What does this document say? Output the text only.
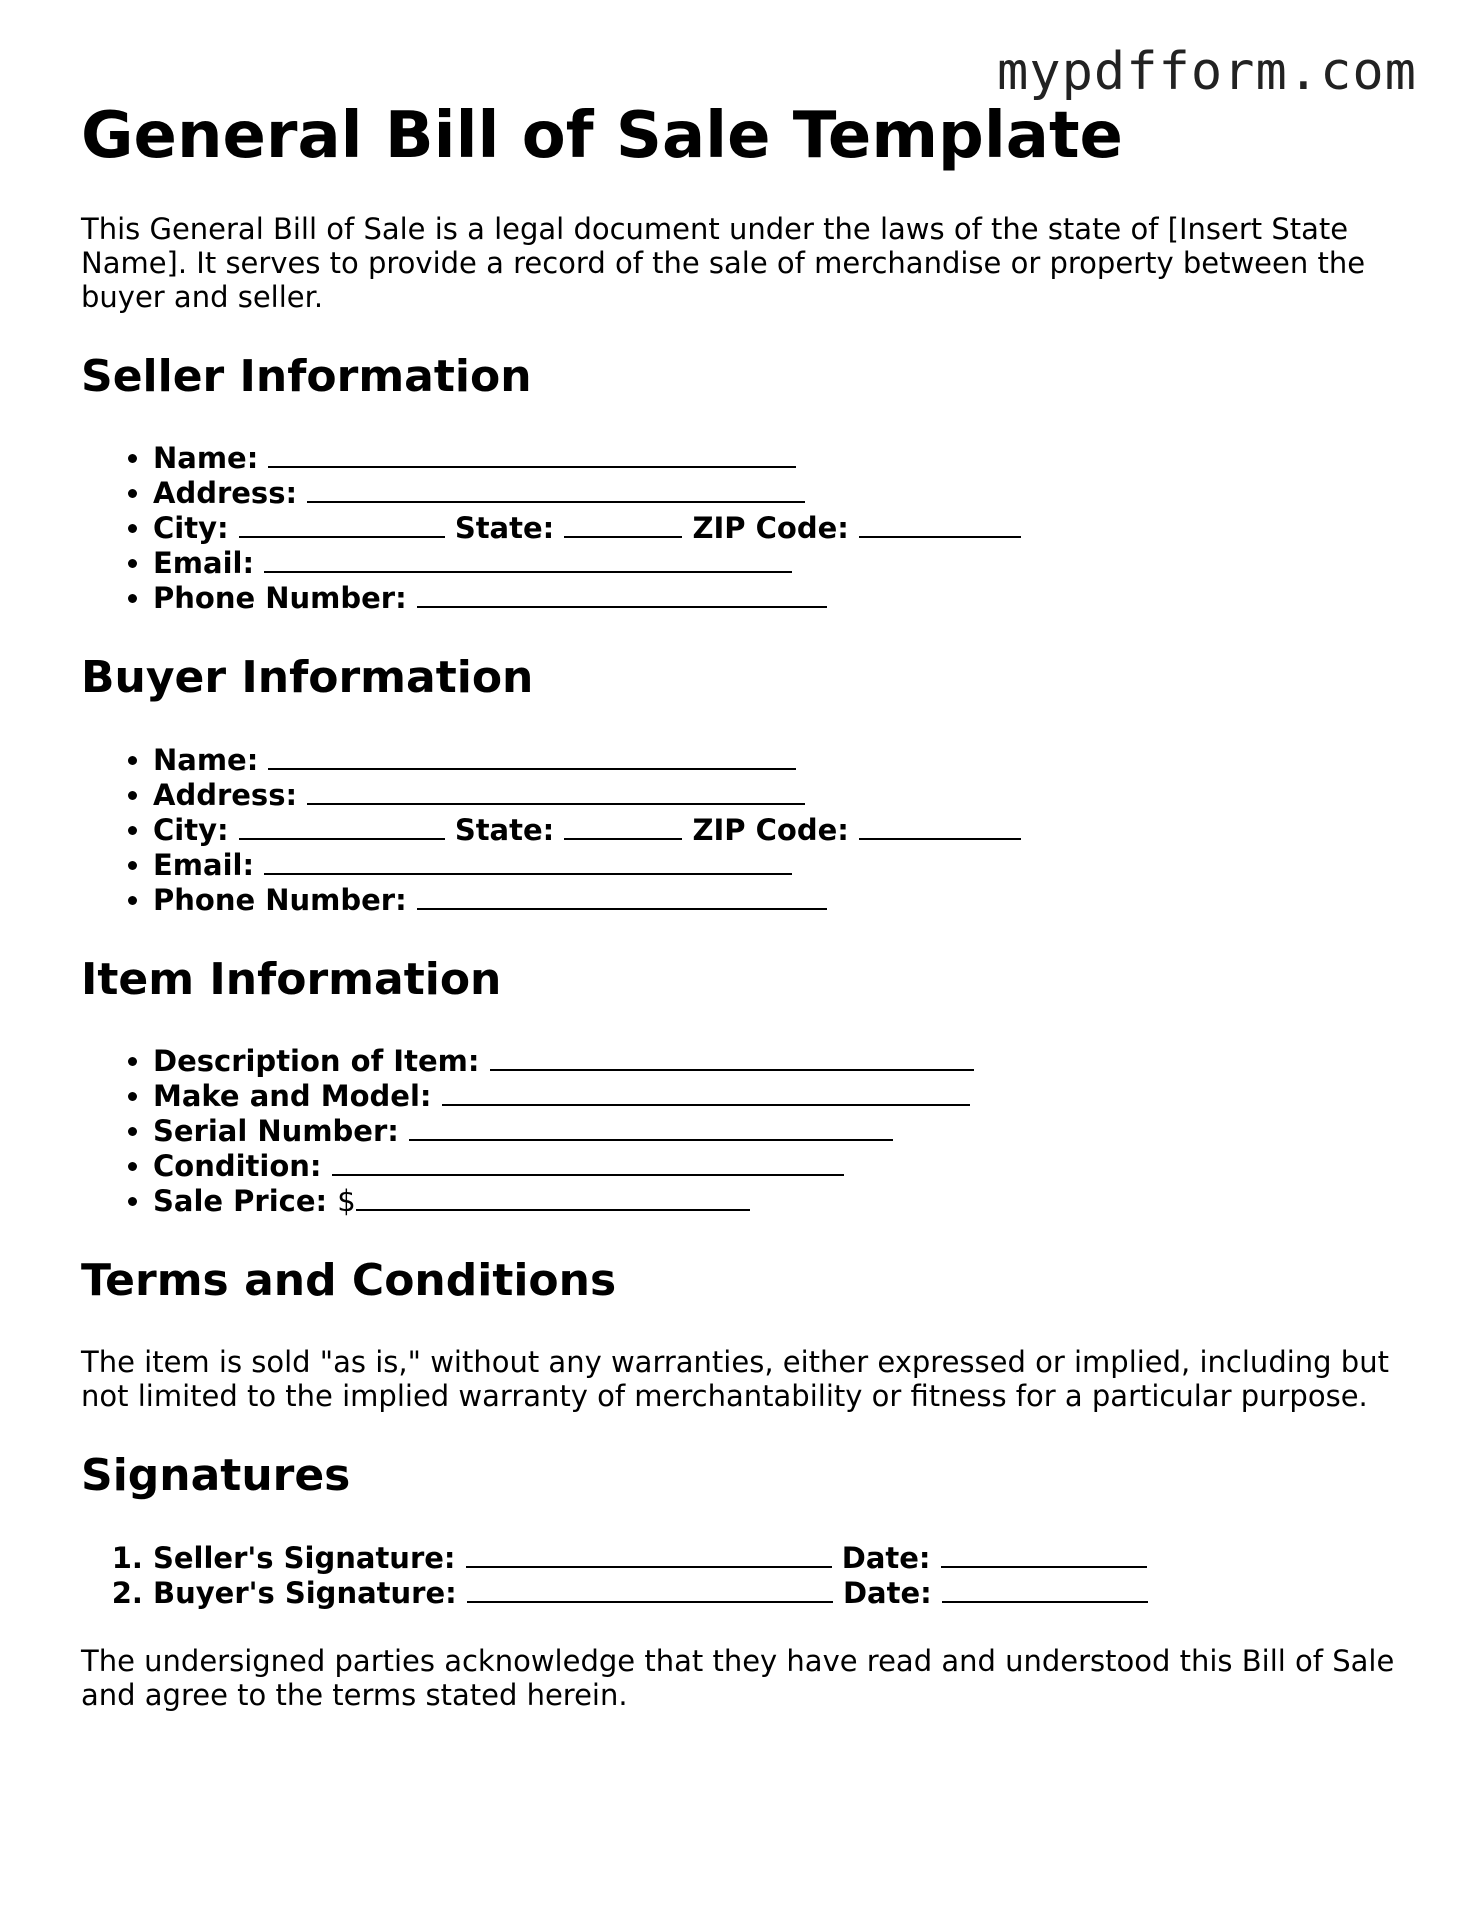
mypdfform.com
General Bill of Sale Template

This General Bill of Sale is a legal document under the laws of the state of [Insert State Name]. It serves to provide a record of the sale of merchandise or property between the buyer and seller.

Seller Information
• Name:
• Address:
• City:	State:	ZIP Code:
• Email:
• Phone Number:
Buyer Information
• Name:
• Address:
• City:	State:	ZIP Code:
• Email:
• Phone Number:
Item Information
• Description of Item:
• Make and Model:
• Serial Number:
• Condition:
• Sale Price: $
Terms and Conditions

The item is sold "as is," without any warranties, either expressed or implied, including but not limited to the implied warranty of merchantability or fitness for a particular purpose.

Signatures
1. Seller's Signature:	Date:
2. Buyer's Signature:	Date:

The undersigned parties acknowledge that they have read and understood this Bill of Sale and agree to the terms stated herein.
